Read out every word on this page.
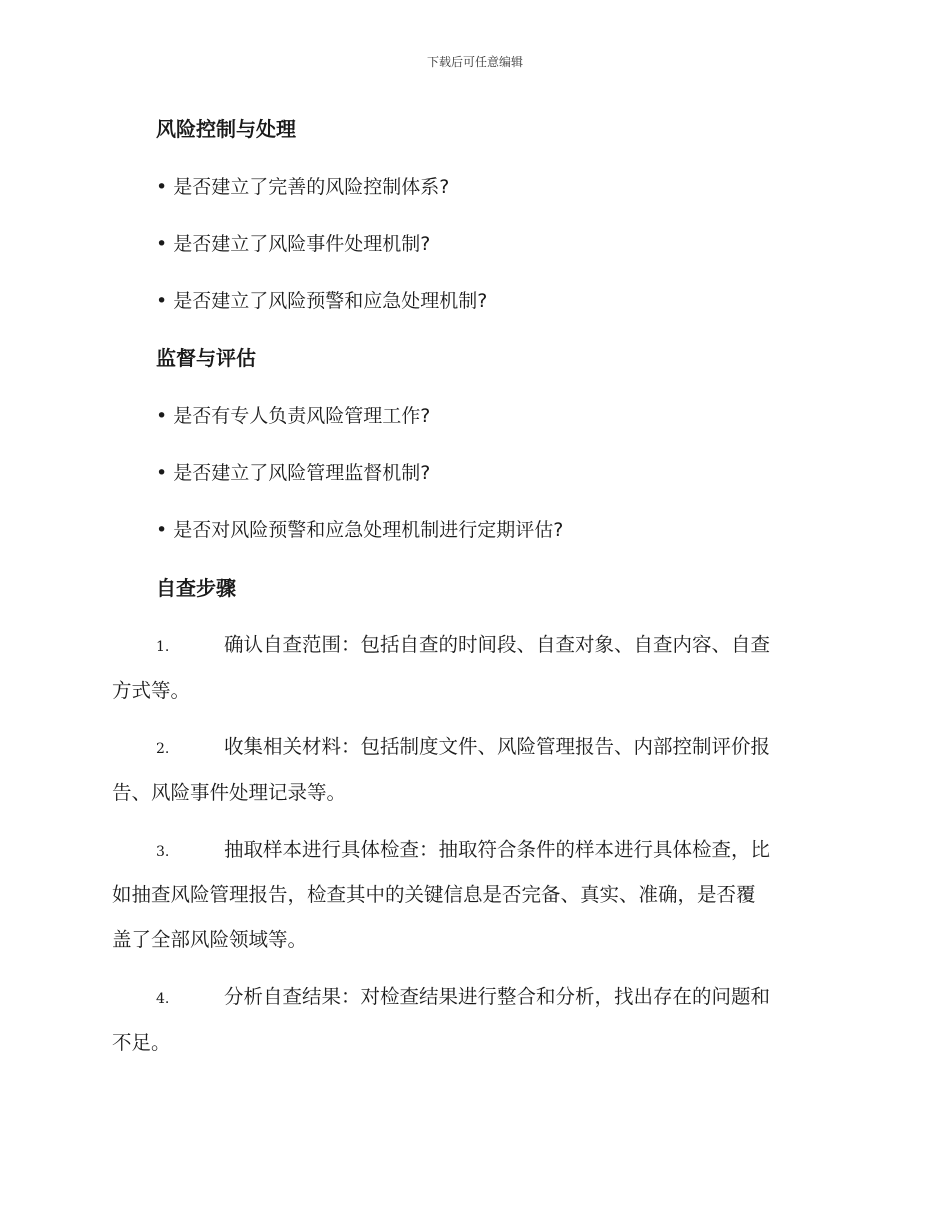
下载后可任意编辑
风险控制与处理
• 是否建立了完善的风险控制体系?
• 是否建立了风险事件处理机制?
• 是否建立了风险预警和应急处理机制?
监督与评估
• 是否有专人负责风险管理工作?
• 是否建立了风险管理监督机制?
• 是否对风险预警和应急处理机制进行定期评估?
自查步骤
1.	确认自查范围：包括自查的时间段、自查对象、自查内容、自查
方式等。
2.	收集相关材料：包括制度文件、风险管理报告、内部控制评价报
告、风险事件处理记录等。
3.	抽取样本进行具体检查：抽取符合条件的样本进行具体检查，比
如抽查风险管理报告，检查其中的关键信息是否完备、真实、准确，是否覆
盖了全部风险领域等。
4.	分析自查结果：对检查结果进行整合和分析，找出存在的问题和
不足。
